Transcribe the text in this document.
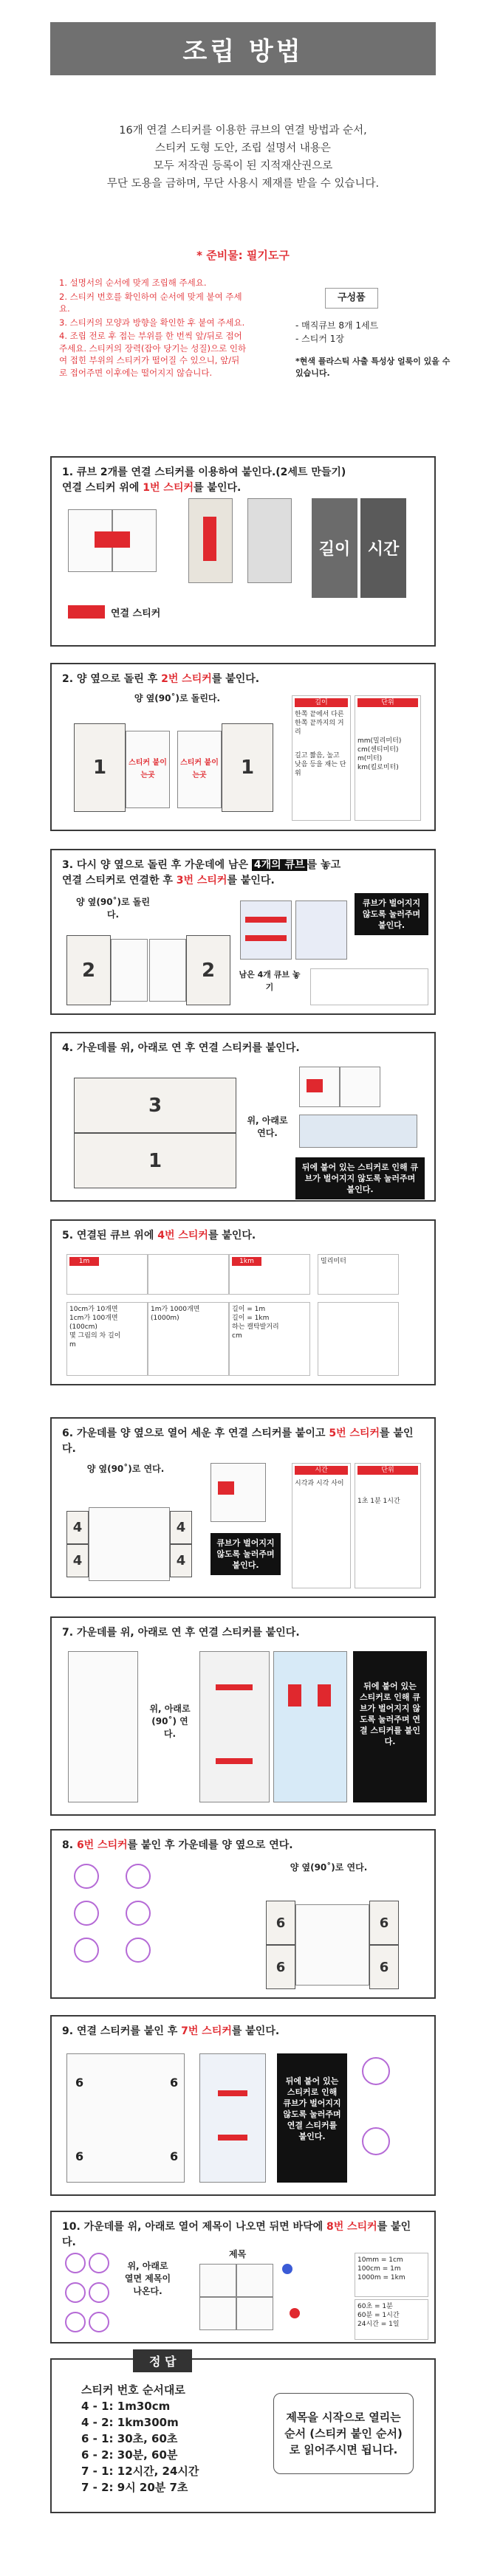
조립 방법
16개 연결 스티커를 이용한 큐브의 연결 방법과 순서,
스티커 도형 도안, 조립 설명서 내용은
모두 저작권 등록이 된 지적재산권으로
무단 도용을 금하며, 무단 사용시 제재를 받을 수 있습니다.
* 준비물: 필기도구
1. 설명서의 순서에 맞게 조립해 주세요.
2. 스티커 번호를 확인하여 순서에 맞게 붙여 주세요.
3. 스티커의 모양과 방향을 확인한 후 붙여 주세요.
4. 조립 전로 후 접는 부위를 한 번씩 앞/뒤로 접어 주세요. 스티커의 장력(잡아 당기는 성질)으로 인하여 접힌 부위의 스티커가 떨어질 수 있으니, 앞/뒤로 접어주면 이후에는 떨어지지 않습니다.
구성품
- 매직큐브 8개 1세트
- 스티커 1장
*현색 플라스틱 사출 특성상 얼룩이 있을 수 있습니다.
1. 큐브 2개를 연결 스티커를 이용하여 붙인다.(2세트 만들기)
연결 스티커 위에 1번 스티커를 붙인다.
길이	시간
연결 스티커
2. 양 옆으로 돌린 후 2번 스티커를 붙인다.
양 옆(90˚)로 돌린다.
1	스티커 붙이는곳
스티커 붙이는곳	1
길이
한쪽 끝에서 다른 한쪽 끝까지의 거리
길고 짧음, 높고 낮음 등을 재는 단위
단위
mm(밀리미터)
cm(센티미터)
m(미터)
km(킬로미터)
3. 다시 양 옆으로 돌린 후 가운데에 남은 4개의 큐브 를 놓고
연결 스티커로 연결한 후 3번 스티커를 붙인다.
양 옆(90˚)로 돌린다.
2	2	남은 4개 큐브 놓기
큐브가 벌어지지 않도록 눌러주며 붙인다.
4. 가운데를 위, 아래로 연 후 연결 스티커를 붙인다.
3
1
위, 아래로 연다.
뒤에 붙어 있는 스티커로 인해 큐브가 벌어지지 않도록 눌러주며 붙인다.
5. 연결된 큐브 위에 4번 스티커를 붙인다.
1m	1km	밀리미터
10cm가 10개면
1cm가 100개면 (100cm)
몇 그림의 차 길이
m
1m가 1000개면 (1000m)
길이 = 1m
길이 = 1km
하는 캘탁발거리
cm
6. 가운데를 양 옆으로 열어 세운 후 연결 스티커를 붙이고 5번 스티커를 붙인다.
양 옆(90˚)로 연다.
4
4
4
4
큐브가 벌어지지 않도록 눌러주며 붙인다.
시간
시각과 시각 사이
단위
1초 1분 1시간
7. 가운데를 위, 아래로 연 후 연결 스티커를 붙인다.
위, 아래로(90˚) 연다.
뒤에 붙어 있는 스티커로 인해 큐브가 벌어지지 않도록 눌러주며 연결 스티커를 붙인다.
8. 6번 스티커를 붙인 후 가운데를 양 옆으로 연다.
양 옆(90˚)로 연다.
6
6
6
6
9. 연결 스티커를 붙인 후 7번 스티커를 붙인다.
6	6
6	6
뒤에 붙어 있는 스티커로 인해 큐브가 벌어지지 않도록 눌러주며 연결 스티커를 붙인다.
10. 가운데를 위, 아래로 열어 제목이 나오면 뒤면 바닥에 8번 스티커를 붙인다.
위, 아래로 열면 제목이 나온다.
제목
10mm = 1cm
100cm = 1m
1000m = 1km
60초 = 1분
60분 = 1시간
24시간 = 1일
정 답
스티커 번호 순서대로
4 - 1: 1m30cm
4 - 2: 1km300m
6 - 1: 30초, 60초
6 - 2: 30분, 60분
7 - 1: 12시간, 24시간
7 - 2: 9시 20분 7초
제목을 시작으로 열리는 순서 (스티커 붙인 순서)로 읽어주시면 됩니다.
